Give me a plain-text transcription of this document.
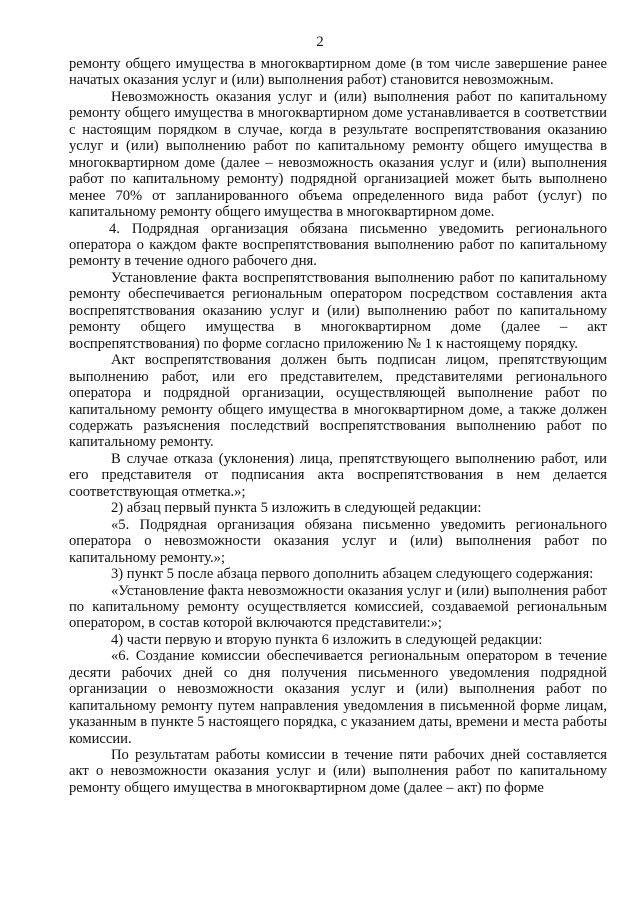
2

ремонту общего имущества в многоквартирном доме (в том числе завершение ранее начатых оказания услуг и (или) выполнения работ) становится невозможным.

Невозможность оказания услуг и (или) выполнения работ по капитальному ремонту общего имущества в многоквартирном доме устанавливается в соответствии с настоящим порядком в случае, когда в результате воспрепятствования оказанию услуг и (или) выполнению работ по капитальному ремонту общего имущества в многоквартирном доме (далее – невозможность оказания услуг и (или) выполнения работ по капитальному ремонту) подрядной организацией может быть выполнено менее 70% от запланированного объема определенного вида работ (услуг) по капитальному ремонту общего имущества в многоквартирном доме.

4. Подрядная организация обязана письменно уведомить регионального оператора о каждом факте воспрепятствования выполнению работ по капитальному ремонту в течение одного рабочего дня.

Установление факта воспрепятствования выполнению работ по капитальному ремонту обеспечивается региональным оператором посредством составления акта воспрепятствования оказанию услуг и (или) выполнению работ по капитальному ремонту общего имущества в многоквартирном доме (далее – акт воспрепятствования) по форме согласно приложению № 1 к настоящему порядку.

Акт воспрепятствования должен быть подписан лицом, препятствующим выполнению работ, или его представителем, представителями регионального оператора и подрядной организации, осуществляющей выполнение работ по капитальному ремонту общего имущества в многоквартирном доме, а также должен содержать разъяснения последствий воспрепятствования выполнению работ по капитальному ремонту.

В случае отказа (уклонения) лица, препятствующего выполнению работ, или его представителя от подписания акта воспрепятствования в нем делается соответствующая отметка.»;

2) абзац первый пункта 5 изложить в следующей редакции:

«5. Подрядная организация обязана письменно уведомить регионального оператора о невозможности оказания услуг и (или) выполнения работ по капитальному ремонту.»;

3) пункт 5 после абзаца первого дополнить абзацем следующего содержания:

«Установление факта невозможности оказания услуг и (или) выполнения работ по капитальному ремонту осуществляется комиссией, создаваемой региональным оператором, в состав которой включаются представители:»;

4) части первую и вторую пункта 6 изложить в следующей редакции:

«6. Создание комиссии обеспечивается региональным оператором в течение десяти рабочих дней со дня получения письменного уведомления подрядной организации о невозможности оказания услуг и (или) выполнения работ по капитальному ремонту путем направления уведомления в письменной форме лицам, указанным в пункте 5 настоящего порядка, с указанием даты, времени и места работы комиссии.

По результатам работы комиссии в течение пяти рабочих дней составляется акт о невозможности оказания услуг и (или) выполнения работ по капитальному ремонту общего имущества в многоквартирном доме (далее – акт) по форме
